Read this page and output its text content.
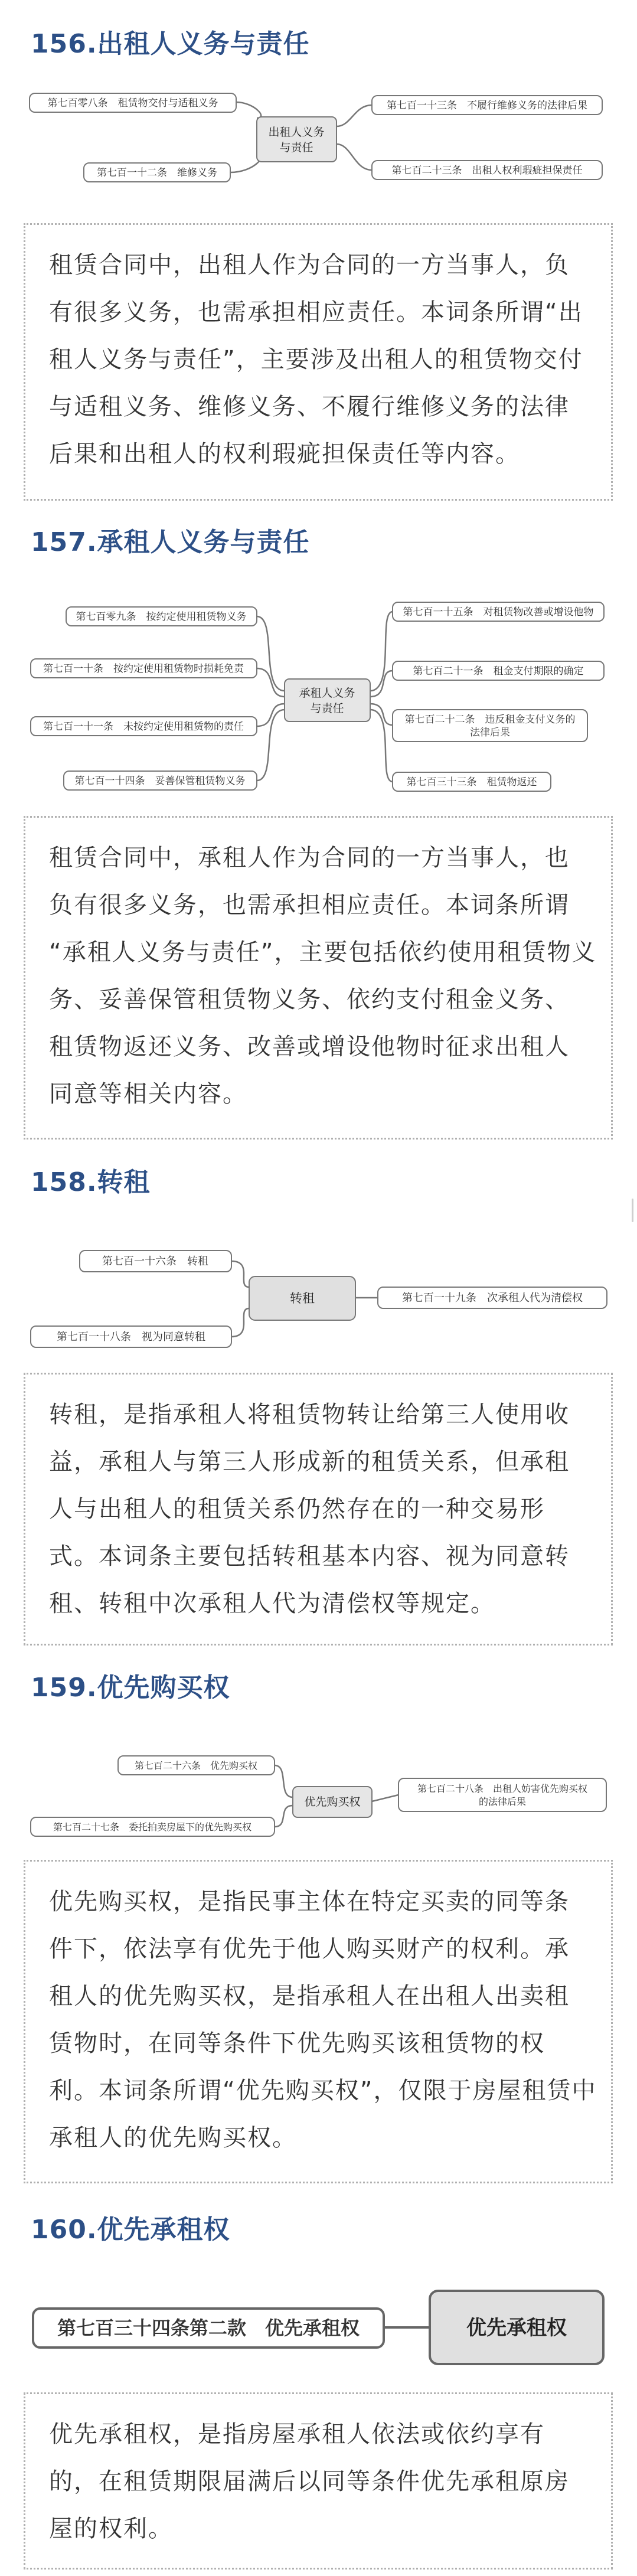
156.出租人义务与责任
出租人义务
与责任
第七百零八条　租赁物交付与适租义务
第七百一十二条　维修义务
第七百一十三条　不履行维修义务的法律后果
第七百二十三条　出租人权利瑕疵担保责任
租赁合同中，出租人作为合同的一方当事人，负
有很多义务，也需承担相应责任。本词条所谓“出
租人义务与责任”，主要涉及出租人的租赁物交付
与适租义务、维修义务、不履行维修义务的法律
后果和出租人的权利瑕疵担保责任等内容。
157.承租人义务与责任
承租人义务
与责任
第七百零九条　按约定使用租赁物义务
第七百一十条　按约定使用租赁物时损耗免责
第七百一十一条　未按约定使用租赁物的责任
第七百一十四条　妥善保管租赁物义务
第七百一十五条　对租赁物改善或增设他物
第七百二十一条　租金支付期限的确定
第七百二十二条　违反租金支付义务的
法律后果
第七百三十三条　租赁物返还
租赁合同中，承租人作为合同的一方当事人，也
负有很多义务，也需承担相应责任。本词条所谓
“承租人义务与责任”，主要包括依约使用租赁物义
务、妥善保管租赁物义务、依约支付租金义务、
租赁物返还义务、改善或增设他物时征求出租人
同意等相关内容。
158.转租
转租
第七百一十六条　转租
第七百一十八条　视为同意转租
第七百一十九条　次承租人代为清偿权
转租，是指承租人将租赁物转让给第三人使用收
益，承租人与第三人形成新的租赁关系，但承租
人与出租人的租赁关系仍然存在的一种交易形
式。本词条主要包括转租基本内容、视为同意转
租、转租中次承租人代为清偿权等规定。
159.优先购买权
优先购买权
第七百二十六条　优先购买权
第七百二十七条　委托拍卖房屋下的优先购买权
第七百二十八条　出租人妨害优先购买权
的法律后果
优先购买权，是指民事主体在特定买卖的同等条
件下，依法享有优先于他人购买财产的权利。承
租人的优先购买权，是指承租人在出租人出卖租
赁物时，在同等条件下优先购买该租赁物的权
利。本词条所谓“优先购买权”，仅限于房屋租赁中
承租人的优先购买权。
160.优先承租权
第七百三十四条第二款　优先承租权	优先承租权
优先承租权，是指房屋承租人依法或依约享有
的，在租赁期限届满后以同等条件优先承租原房
屋的权利。
